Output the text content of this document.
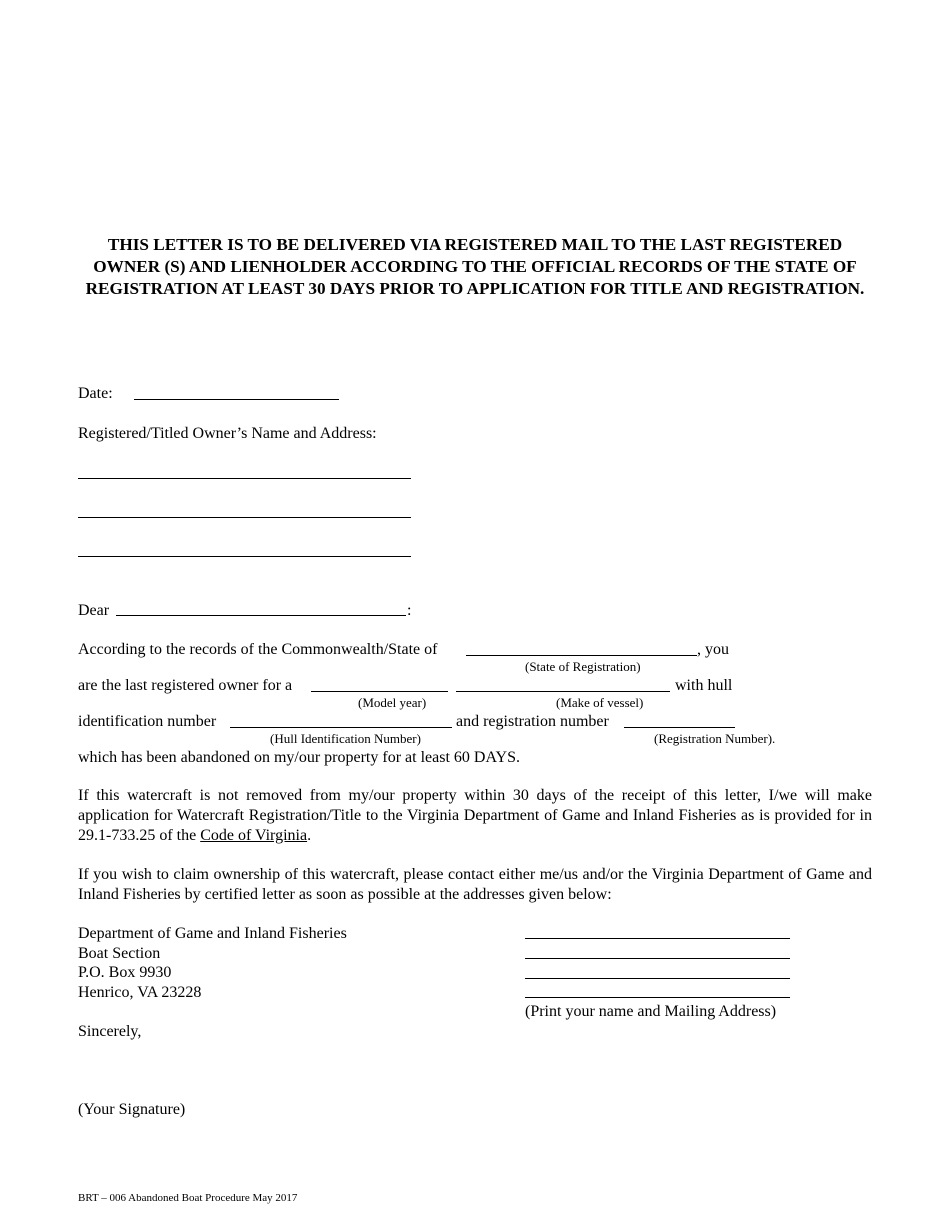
THIS LETTER IS TO BE DELIVERED VIA REGISTERED MAIL TO THE LAST REGISTERED OWNER (S) AND LIENHOLDER ACCORDING TO THE OFFICIAL RECORDS OF THE STATE OF REGISTRATION AT LEAST 30 DAYS PRIOR TO APPLICATION FOR TITLE AND REGISTRATION.
Date:
Registered/Titled Owner’s Name and Address:
Dear	:
According to the records of the Commonwealth/State of	, you
(State of Registration)
are the last registered owner for a	with hull
(Model year)	(Make of vessel)
identification number	and registration number
(Hull Identification Number)	(Registration Number).
which has been abandoned on my/our property for at least 60 DAYS.
If this watercraft is not removed from my/our property within 30 days of the receipt of this letter, I/we will make application for Watercraft Registration/Title to the Virginia Department of Game and Inland Fisheries as is provided for in 29.1-733.25 of the Code of Virginia.
If you wish to claim ownership of this watercraft, please contact either me/us and/or the Virginia Department of Game and Inland Fisheries by certified letter as soon as possible at the addresses given below:
Department of Game and Inland Fisheries
Boat Section
P.O. Box 9930
Henrico, VA 23228
(Print your name and Mailing Address)
Sincerely,
(Your Signature)
BRT – 006 Abandoned Boat Procedure May 2017
